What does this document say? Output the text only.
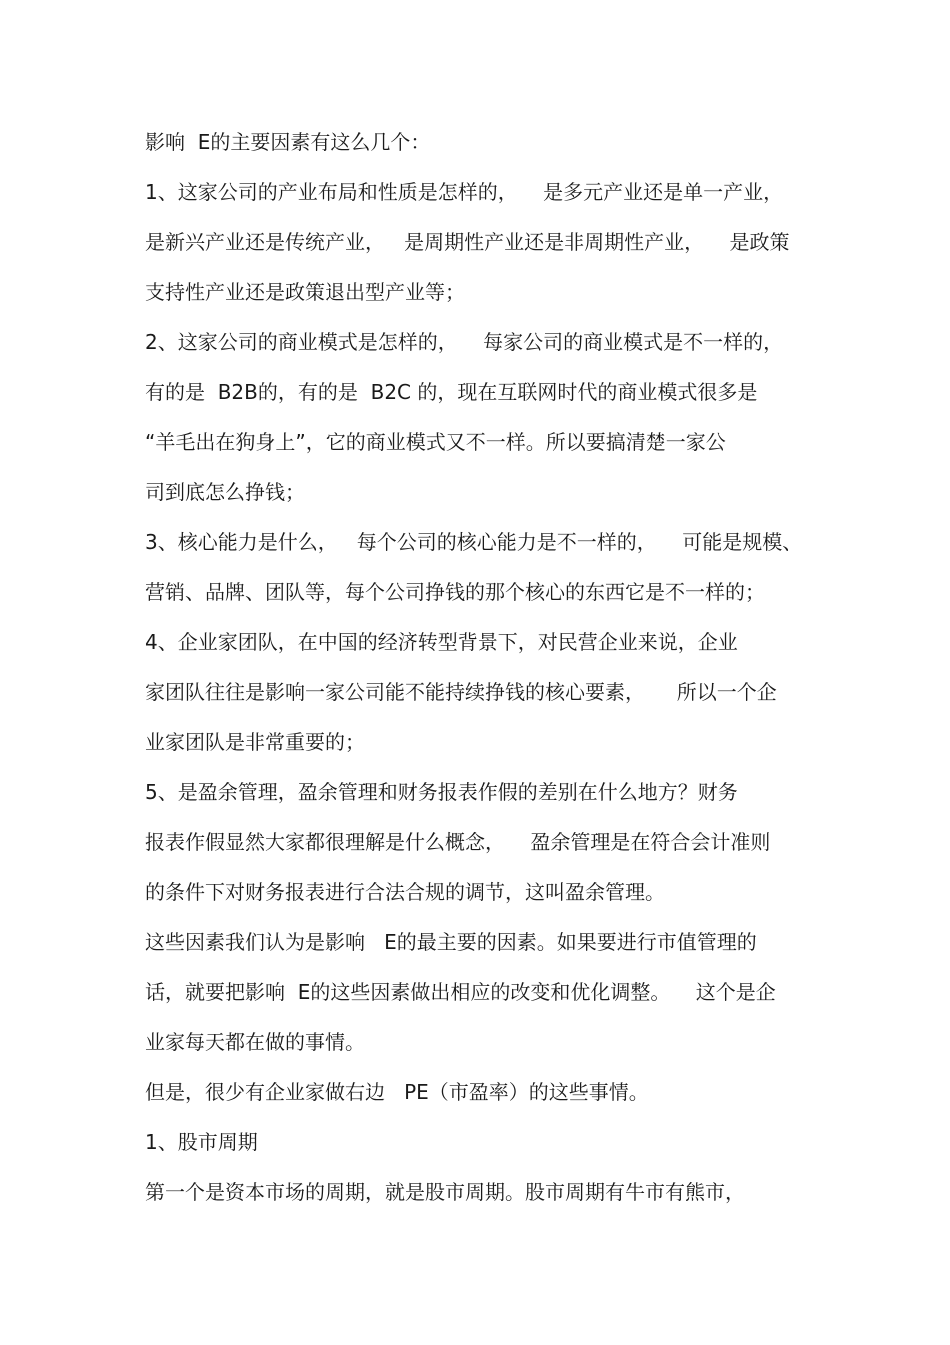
影响  E的主要因素有这么几个：
1、这家公司的产业布局和性质是怎样的，    是多元产业还是单一产业，
是新兴产业还是传统产业，   是周期性产业还是非周期性产业，    是政策
支持性产业还是政策退出型产业等；
2、这家公司的商业模式是怎样的，    每家公司的商业模式是不一样的，
有的是  B2B的，有的是  B2C 的，现在互联网时代的商业模式很多是
“羊毛出在狗身上”，它的商业模式又不一样。所以要搞清楚一家公
司到底怎么挣钱；
3、核心能力是什么，   每个公司的核心能力是不一样的，    可能是规模、
营销、品牌、团队等，每个公司挣钱的那个核心的东西它是不一样的；
4、企业家团队，在中国的经济转型背景下，对民营企业来说，企业
家团队往往是影响一家公司能不能持续挣钱的核心要素，     所以一个企
业家团队是非常重要的；
5、是盈余管理，盈余管理和财务报表作假的差别在什么地方？财务
报表作假显然大家都很理解是什么概念，    盈余管理是在符合会计准则
的条件下对财务报表进行合法合规的调节，这叫盈余管理。
这些因素我们认为是影响   E的最主要的因素。如果要进行市值管理的
话，就要把影响  E的这些因素做出相应的改变和优化调整。    这个是企
业家每天都在做的事情。
但是，很少有企业家做右边   PE（市盈率）的这些事情。
1、股市周期
第一个是资本市场的周期，就是股市周期。股市周期有牛市有熊市，
